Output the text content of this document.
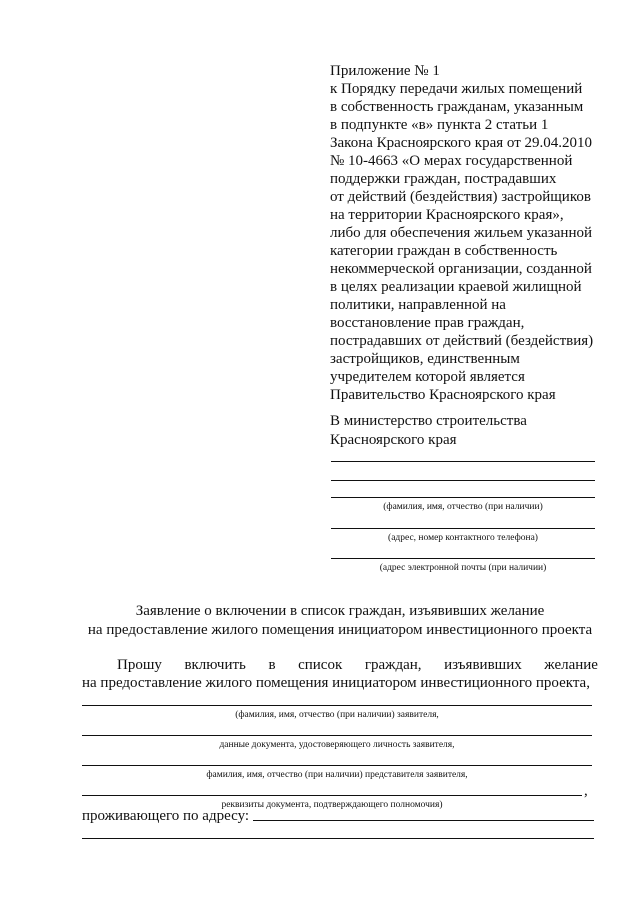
Приложение № 1
к Порядку передачи жилых помещений
в собственность гражданам, указанным
в подпункте «в» пункта 2 статьи 1
Закона Красноярского края от 29.04.2010
№ 10-4663 «О мерах государственной
поддержки граждан, пострадавших
от действий (бездействия) застройщиков
на территории Красноярского края»,
либо для обеспечения жильем указанной
категории граждан в собственность
некоммерческой организации, созданной
в целях реализации краевой жилищной
политики, направленной на
восстановление прав граждан,
пострадавших от действий (бездействия)
застройщиков, единственным
учредителем которой является
Правительство Красноярского края
В министерство строительства
Красноярского края
(фамилия, имя, отчество (при наличии)
(адрес, номер контактного телефона)
(адрес электронной почты (при наличии)
Заявление о включении в список граждан, изъявивших желание
на предоставление жилого помещения инициатором инвестиционного проекта
Прошу включить в список граждан, изъявивших желание
на предоставление жилого помещения инициатором инвестиционного проекта,
(фамилия, имя, отчество (при наличии) заявителя,
данные документа, удостоверяющего личность заявителя,
фамилия, имя, отчество (при наличии) представителя заявителя,
реквизиты документа, подтверждающего полномочия)
,
проживающего по адресу:
